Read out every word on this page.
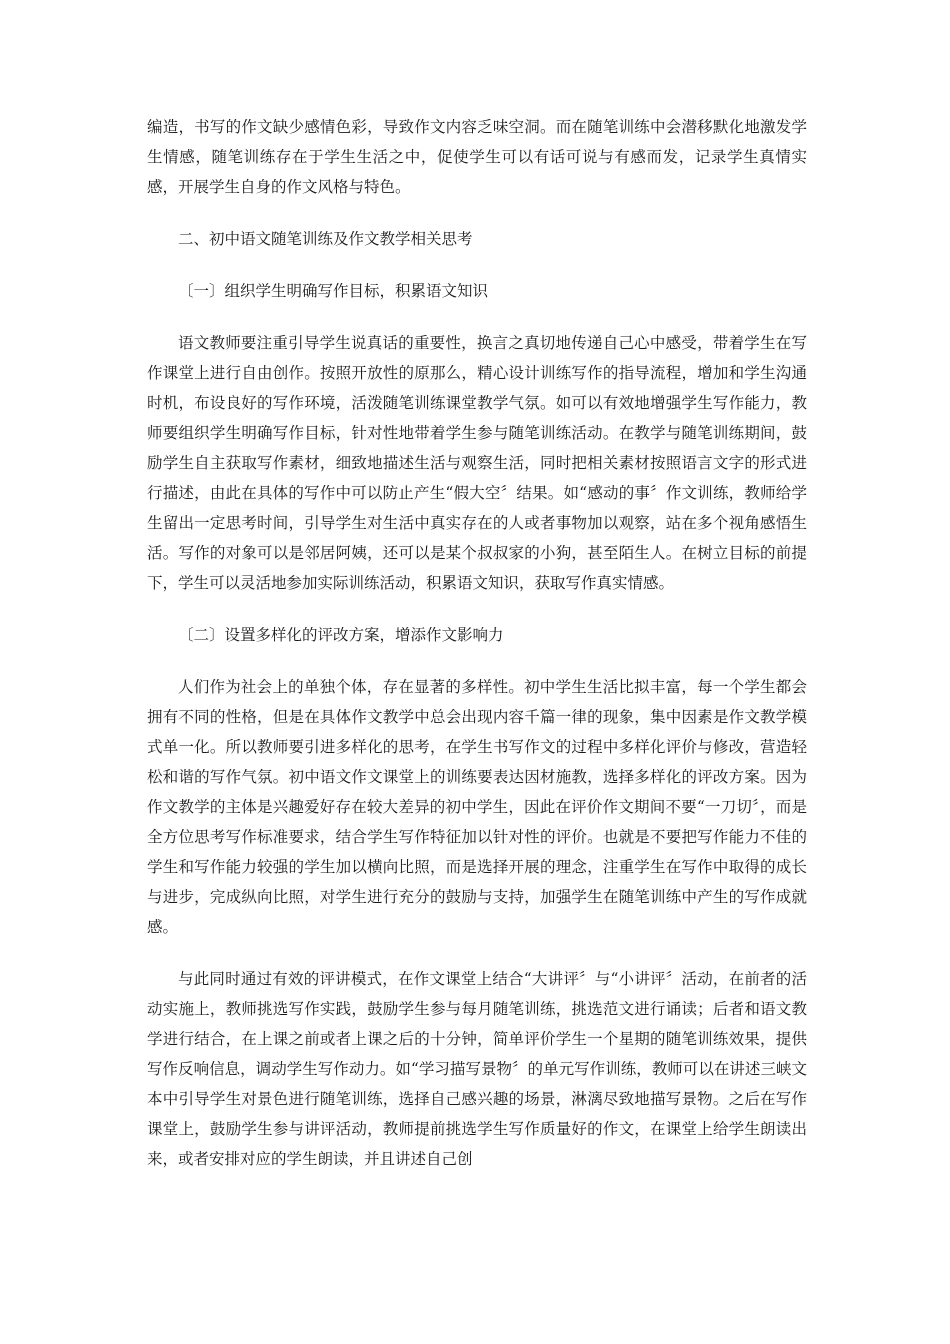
编造，书写的作文缺少感情色彩，导致作文内容乏味空洞。而在随笔训练中会潜移默化地激发学生情感，随笔训练存在于学生生活之中，促使学生可以有话可说与有感而发，记录学生真情实感，开展学生自身的作文风格与特色。

二、初中语文随笔训练及作文教学相关思考

〔一〕组织学生明确写作目标，积累语文知识

语文教师要注重引导学生说真话的重要性，换言之真切地传递自己心中感受，带着学生在写作课堂上进行自由创作。按照开放性的原那么，精心设计训练写作的指导流程，增加和学生沟通时机，布设良好的写作环境，活泼随笔训练课堂教学气氛。如可以有效地增强学生写作能力，教师要组织学生明确写作目标，针对性地带着学生参与随笔训练活动。在教学与随笔训练期间，鼓励学生自主获取写作素材，细致地描述生活与观察生活，同时把相关素材按照语言文字的形式进行描述，由此在具体的写作中可以防止产生“假大空〞结果。如“感动的事〞作文训练，教师给学生留出一定思考时间，引导学生对生活中真实存在的人或者事物加以观察，站在多个视角感悟生活。写作的对象可以是邻居阿姨，还可以是某个叔叔家的小狗，甚至陌生人。在树立目标的前提下，学生可以灵活地参加实际训练活动，积累语文知识，获取写作真实情感。

〔二〕设置多样化的评改方案，增添作文影响力

人们作为社会上的单独个体，存在显著的多样性。初中学生生活比拟丰富，每一个学生都会拥有不同的性格，但是在具体作文教学中总会出现内容千篇一律的现象，集中因素是作文教学模式单一化。所以教师要引进多样化的思考，在学生书写作文的过程中多样化评价与修改，营造轻松和谐的写作气氛。初中语文作文课堂上的训练要表达因材施教，选择多样化的评改方案。因为作文教学的主体是兴趣爱好存在较大差异的初中学生，因此在评价作文期间不要“一刀切〞，而是全方位思考写作标准要求，结合学生写作特征加以针对性的评价。也就是不要把写作能力不佳的学生和写作能力较强的学生加以横向比照，而是选择开展的理念，注重学生在写作中取得的成长与进步，完成纵向比照，对学生进行充分的鼓励与支持，加强学生在随笔训练中产生的写作成就感。

与此同时通过有效的评讲模式，在作文课堂上结合“大讲评〞与“小讲评〞活动，在前者的活动实施上，教师挑选写作实践，鼓励学生参与每月随笔训练，挑选范文进行诵读；后者和语文教学进行结合，在上课之前或者上课之后的十分钟，简单评价学生一个星期的随笔训练效果，提供写作反响信息，调动学生写作动力。如“学习描写景物〞的单元写作训练，教师可以在讲述三峡文本中引导学生对景色进行随笔训练，选择自己感兴趣的场景，淋漓尽致地描写景物。之后在写作课堂上，鼓励学生参与讲评活动，教师提前挑选学生写作质量好的作文，在课堂上给学生朗读出来，或者安排对应的学生朗读，并且讲述自己创
